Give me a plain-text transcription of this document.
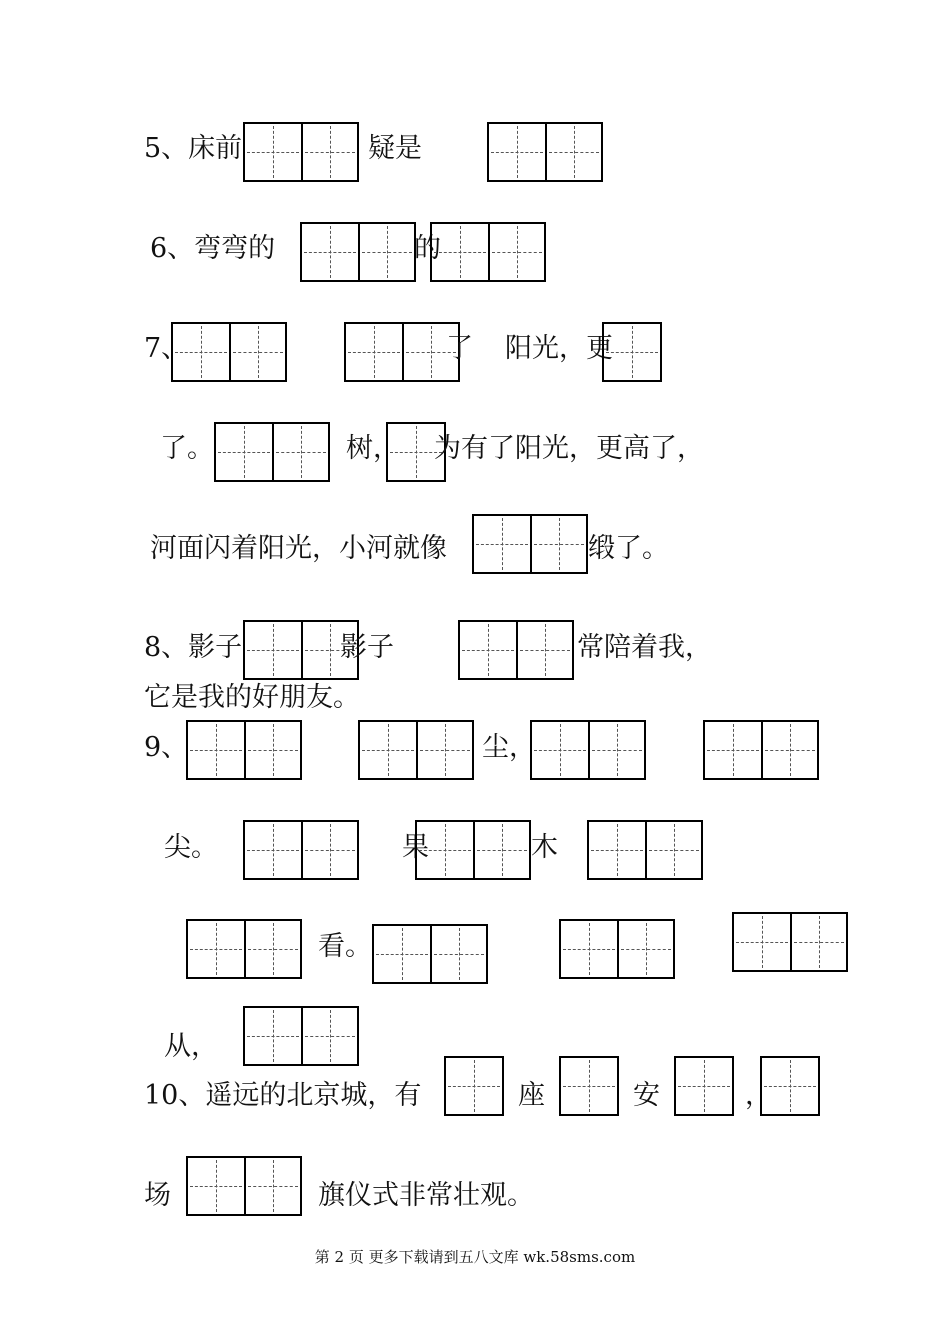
5、床前	疑是
6、弯弯的	的
7、	了 阳光，更
了。	树， 为有了阳光，更高了，
河面闪着阳光，小河就像	缎了。
8、影子	影子	常陪着我，
它是我的好朋友。
9、	尘，
尖。	果	木
看。
从，
10、遥远的北京城，有	座	安	，
场	旗仪式非常壮观。
第 2 页 更多下载请到五八文库 wk.58sms.com
